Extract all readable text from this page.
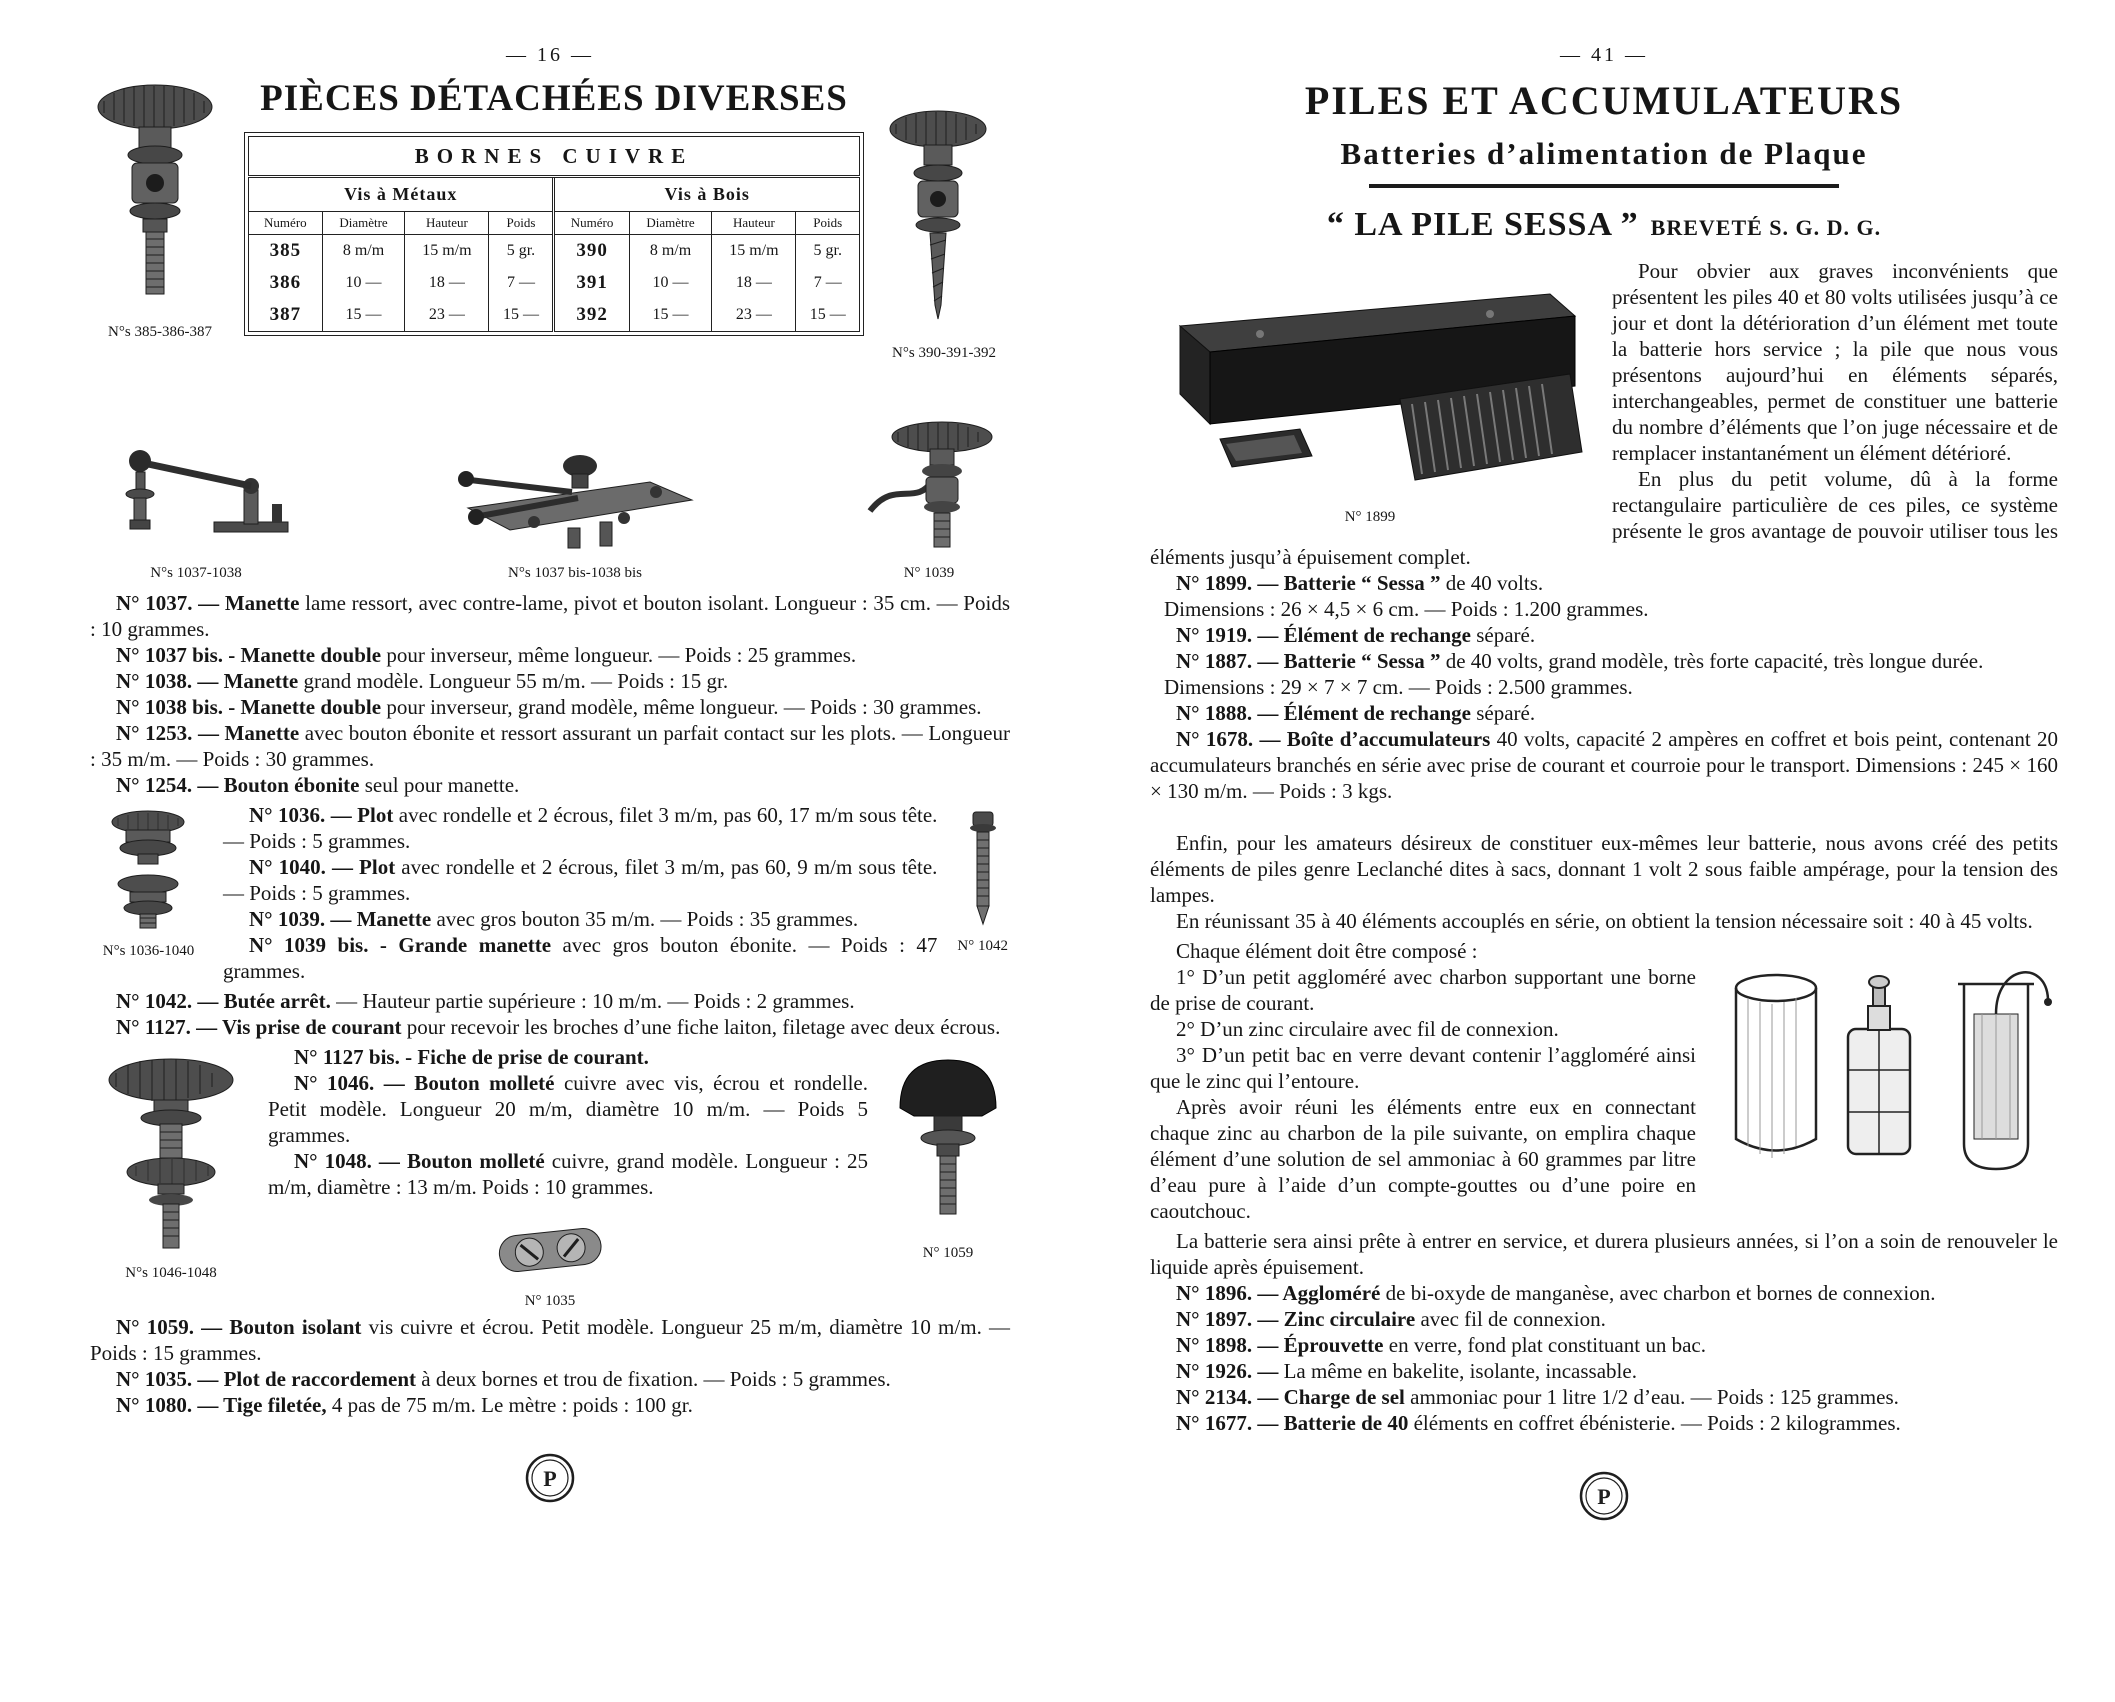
— 16 —
N°s 385-386-387
N°s 390-391-392
PIÈCES DÉTACHÉES DIVERSES
BORNES CUIVRE							
Vis à Métaux				Vis à Bois			
Numéro	Diamètre	Hauteur	Poids	Numéro	Diamètre	Hauteur	Poids
385	8 m/m	15 m/m	5 gr.	390	8 m/m	15 m/m	5 gr.
386	10 —	18 —	7 —	391	10 —	18 —	7 —
387	15 —	23 —	15 —	392	15 —	23 —	15 —
N°s 1037-1038	N°s 1037 bis-1038 bis	N° 1039

N° 1037. — Manette lame ressort, avec contre-lame, pivot et bouton isolant. Longueur : 35 cm. — Poids : 10 grammes.

N° 1037 bis. - Manette double pour inverseur, même longueur. — Poids : 25 grammes.

N° 1038. — Manette grand modèle. Longueur 55 m/m. — Poids : 15 gr.

N° 1038 bis. - Manette double pour inverseur, grand modèle, même longueur. — Poids : 30 grammes.

N° 1253. — Manette avec bouton ébonite et ressort assurant un parfait contact sur les plots. — Longueur : 35 m/m. — Poids : 30 grammes.

N° 1254. — Bouton ébonite seul pour manette.

N°s 1036-1040	N° 1042

N° 1036. — Plot avec rondelle et 2 écrous, filet 3 m/m, pas 60, 17 m/m sous tête. — Poids : 5 grammes.

N° 1040. — Plot avec rondelle et 2 écrous, filet 3 m/m, pas 60, 9 m/m sous tête. — Poids : 5 grammes.

N° 1039. — Manette avec gros bouton 35 m/m. — Poids : 35 grammes.

N° 1039 bis. - Grande manette avec gros bouton ébonite. — Poids : 47 grammes.

N° 1042. — Butée arrêt. — Hauteur partie supérieure : 10 m/m. — Poids : 2 grammes.

N° 1127. — Vis prise de courant pour recevoir les broches d’une fiche laiton, filetage avec deux écrous.

N°s 1046-1048
N° 1059

N° 1127 bis. - Fiche de prise de courant.

N° 1046. — Bouton molleté cuivre avec vis, écrou et rondelle. Petit modèle. Longueur 20 m/m, diamètre 10 m/m. — Poids 5 grammes.

N° 1048. — Bouton molleté cuivre, grand modèle. Longueur : 25 m/m, diamètre : 13 m/m. Poids : 10 grammes.

N° 1035

N° 1059. — Bouton isolant vis cuivre et écrou. Petit modèle. Longueur 25 m/m, diamètre 10 m/m. — Poids : 15 grammes.

N° 1035. — Plot de raccordement à deux bornes et trou de fixation. — Poids : 5 grammes.

N° 1080. — Tige filetée, 4 pas de 75 m/m. Le mètre : poids : 100 gr.

P
— 41 —
PILES ET ACCUMULATEURS
Batteries d’alimentation de Plaque
“ LA PILE SESSA ” BREVETÉ S. G. D. G.
N° 1899

Pour obvier aux graves inconvénients que présentent les piles 40 et 80 volts utilisées jusqu’à ce jour et dont la détérioration d’un élément met toute la batterie hors service ; la pile que nous vous présentons aujourd’hui en éléments séparés, interchangeables, permet de constituer une batterie du nombre d’éléments que l’on juge nécessaire et de remplacer instantanément un élément détérioré.

En plus du petit volume, dû à la forme rectangulaire particulière de ces piles, ce système présente le gros avantage de pouvoir utiliser tous les éléments jusqu’à épuisement complet.

N° 1899. — Batterie “ Sessa ” de 40 volts.

Dimensions : 26 × 4,5 × 6 cm. — Poids : 1.200 grammes.

N° 1919. — Élément de rechange séparé.

N° 1887. — Batterie “ Sessa ” de 40 volts, grand modèle, très forte capacité, très longue durée.

Dimensions : 29 × 7 × 7 cm. — Poids : 2.500 grammes.

N° 1888. — Élément de rechange séparé.

N° 1678. — Boîte d’accumulateurs 40 volts, capacité 2 ampères en coffret et bois peint, contenant 20 accumulateurs branchés en série avec prise de courant et courroie pour le transport. Dimensions : 245 × 160 × 130 m/m. — Poids : 3 kgs.

Enfin, pour les amateurs désireux de constituer eux-mêmes leur batterie, nous avons créé des petits éléments de piles genre Leclanché dites à sacs, donnant 1 volt 2 sous faible ampérage, pour la tension des lampes.

En réunissant 35 à 40 éléments accouplés en série, on obtient la tension nécessaire soit : 40 à 45 volts.

Chaque élément doit être composé :

1° D’un petit aggloméré avec charbon supportant une borne de prise de courant.

2° D’un zinc circulaire avec fil de connexion.

3° D’un petit bac en verre devant contenir l’aggloméré ainsi que le zinc qui l’entoure.

Après avoir réuni les éléments entre eux en connectant chaque zinc au charbon de la pile suivante, on emplira chaque élément d’une solution de sel ammoniac à 60 grammes par litre d’eau pure à l’aide d’un compte-gouttes ou d’une poire en caoutchouc.

La batterie sera ainsi prête à entrer en service, et durera plusieurs années, si l’on a soin de renouveler le liquide après épuisement.

N° 1896. — Aggloméré de bi-oxyde de manganèse, avec charbon et bornes de connexion.

N° 1897. — Zinc circulaire avec fil de connexion.

N° 1898. — Éprouvette en verre, fond plat constituant un bac.

N° 1926. — La même en bakelite, isolante, incassable.

N° 2134. — Charge de sel ammoniac pour 1 litre 1/2 d’eau. — Poids : 125 grammes.

N° 1677. — Batterie de 40 éléments en coffret ébénisterie. — Poids : 2 kilogrammes.

P
